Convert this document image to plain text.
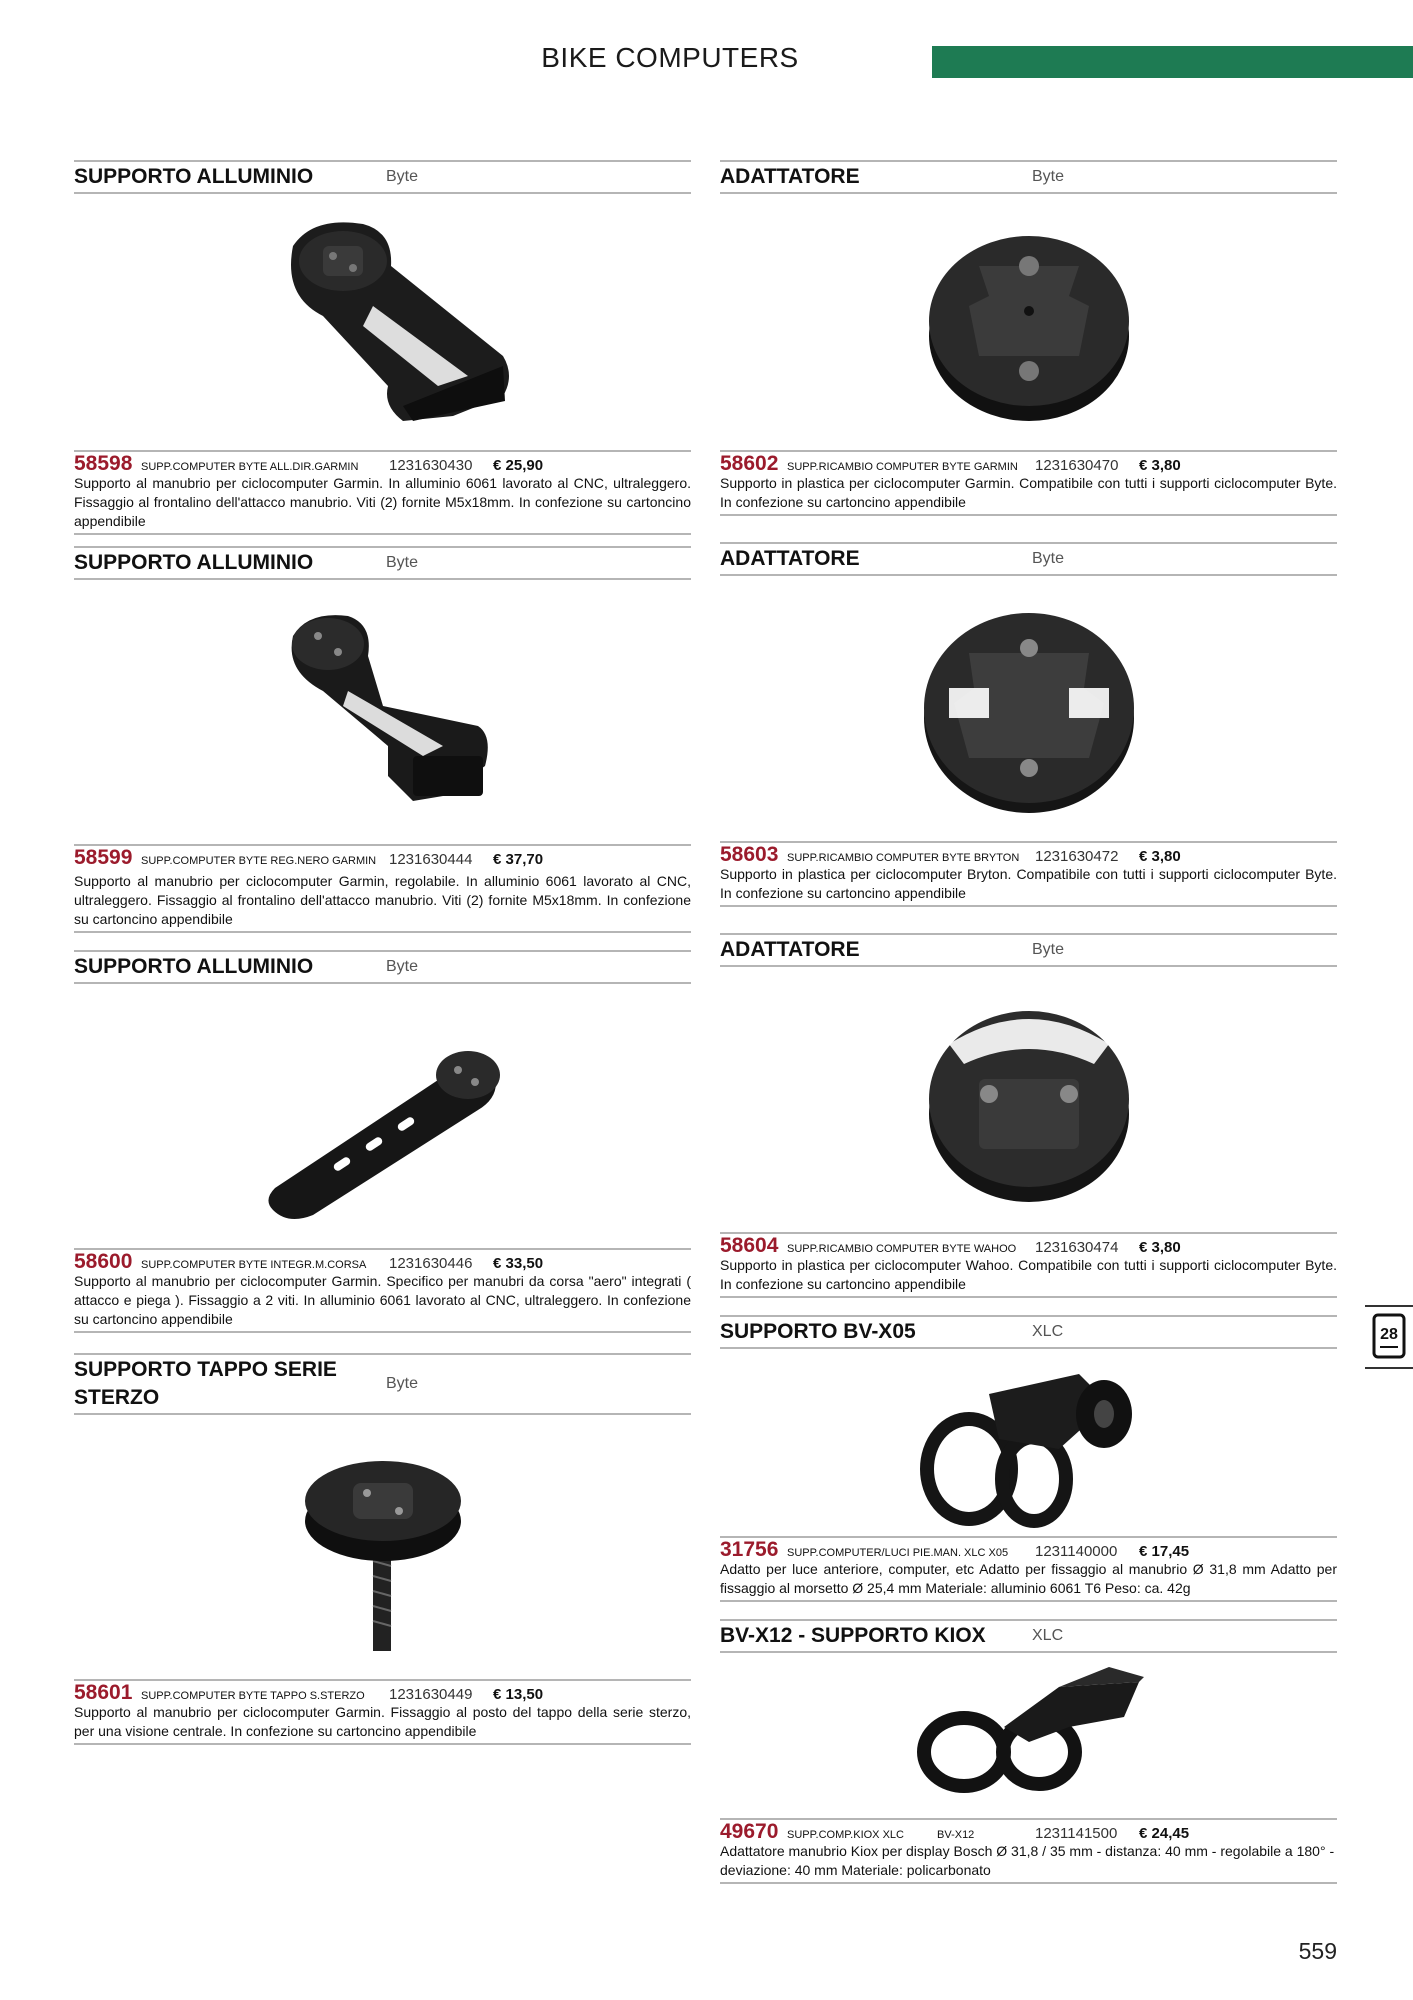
BIKE COMPUTERS
SUPPORTO ALLUMINIO	Byte
58598 SUPP.COMPUTER BYTE ALL.DIR.GARMIN	1231630430	€ 25,90
Supporto al manubrio per ciclocomputer Garmin. In alluminio 6061 lavorato al CNC, ultraleggero. Fissaggio al frontalino dell'attacco manubrio. Viti (2) fornite M5x18mm. In confezione su cartoncino appendibile
SUPPORTO ALLUMINIO	Byte
58599 SUPP.COMPUTER BYTE REG.NERO GARMIN 1231630444	€ 37,70
Supporto al manubrio per ciclocomputer Garmin, regolabile. In alluminio 6061 lavorato al CNC, ultraleggero. Fissaggio al frontalino dell'attacco manubrio. Viti (2) fornite M5x18mm. In confezione su cartoncino appendibile
SUPPORTO ALLUMINIO	Byte
58600 SUPP.COMPUTER BYTE INTEGR.M.CORSA	1231630446	€ 33,50
Supporto al manubrio per ciclocomputer Garmin. Specifico per manubri da corsa "aero" integrati ( attacco e piega ). Fissaggio a 2 viti. In alluminio 6061 lavorato al CNC, ultraleggero. In confezione su cartoncino appendibile
SUPPORTO TAPPO SERIE STERZO
Byte
58601 SUPP.COMPUTER BYTE TAPPO S.STERZO	1231630449	€ 13,50
Supporto al manubrio per ciclocomputer Garmin. Fissaggio al posto del tappo della serie sterzo, per una visione centrale. In confezione su cartoncino appendibile
ADATTATORE	Byte
58602 SUPP.RICAMBIO COMPUTER BYTE GARMIN	1231630470	€ 3,80
Supporto in plastica per ciclocomputer Garmin. Compatibile con tutti i supporti ciclocomputer Byte. In confezione su cartoncino appendibile
ADATTATORE	Byte
58603 SUPP.RICAMBIO COMPUTER BYTE BRYTON	1231630472	€ 3,80
Supporto in plastica per ciclocomputer Bryton. Compatibile con tutti i supporti ciclocomputer Byte. In confezione su cartoncino appendibile
ADATTATORE	Byte
58604 SUPP.RICAMBIO COMPUTER BYTE WAHOO	1231630474	€ 3,80
Supporto in plastica per ciclocomputer Wahoo. Compatibile con tutti i supporti ciclocomputer Byte. In confezione su cartoncino appendibile
SUPPORTO BV-X05	XLC
31756 SUPP.COMPUTER/LUCI PIE.MAN. XLC X05	1231140000	€ 17,45
Adatto per luce anteriore, computer, etc Adatto per fissaggio al manubrio Ø 31,8 mm Adatto per fissaggio al morsetto Ø 25,4 mm Materiale: alluminio 6061 T6 Peso: ca. 42g
BV-X12 - SUPPORTO KIOX	XLC
49670 SUPP.COMP.KIOX XLC	BV-X12	1231141500	€ 24,45
Adattatore manubrio Kiox per display Bosch Ø 31,8 / 35 mm - distanza: 40 mm - regolabile a 180° - deviazione: 40 mm Materiale: policarbonato
28
559
